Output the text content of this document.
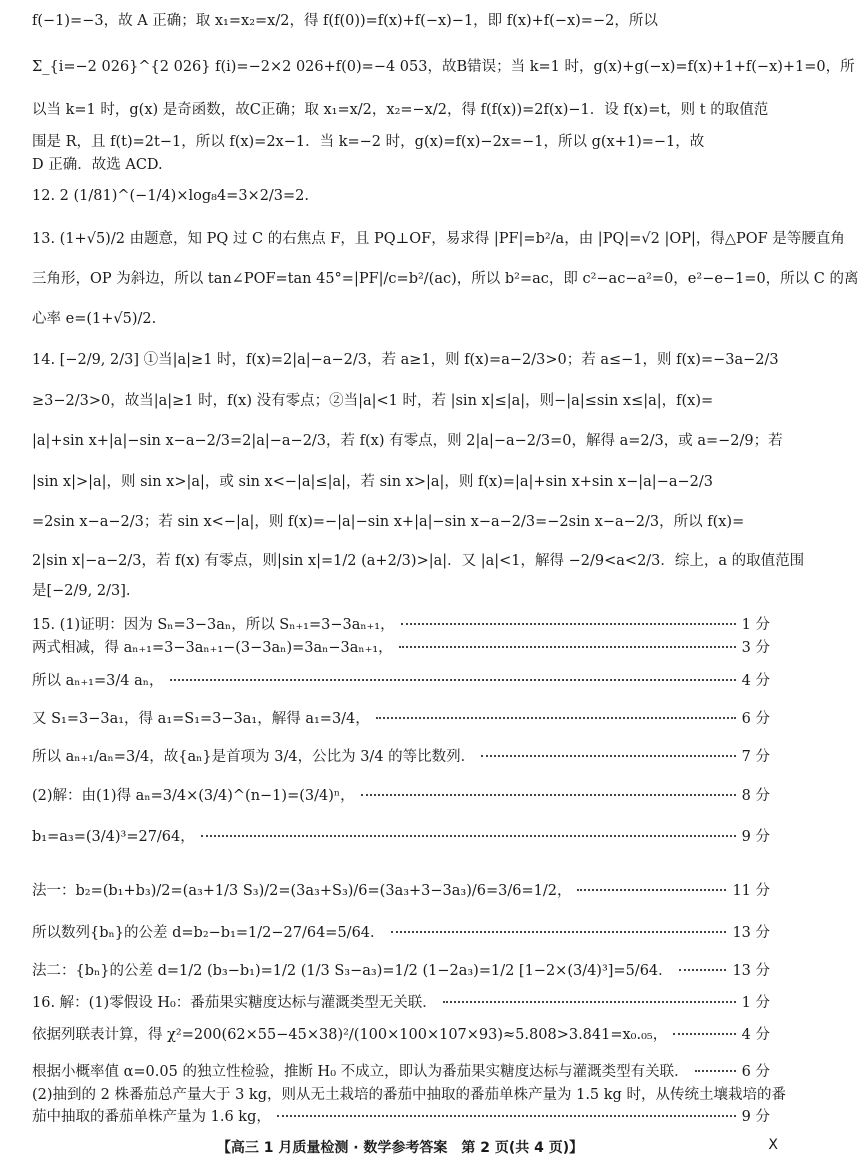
f(−1)=−3，故 A 正确；取 x₁=x₂=x/2，得 f(f(0))=f(x)+f(−x)−1，即 f(x)+f(−x)=−2，所以
Σ_{i=−2 026}^{2 026} f(i)=−2×2 026+f(0)=−4 053，故B错误；当 k=1 时，g(x)+g(−x)=f(x)+1+f(−x)+1=0，所
以当 k=1 时，g(x) 是奇函数，故C正确；取 x₁=x/2，x₂=−x/2，得 f(f(x))=2f(x)−1．设 f(x)=t，则 t 的取值范
围是 R，且 f(t)=2t−1，所以 f(x)=2x−1．当 k=−2 时，g(x)=f(x)−2x=−1，所以 g(x+1)=−1，故
D 正确．故选 ACD.
12. 2 (1/81)^(−1/4)×log₈4=3×2/3=2.
13. (1+√5)/2 由题意，知 PQ 过 C 的右焦点 F，且 PQ⊥OF，易求得 |PF|=b²/a，由 |PQ|=√2 |OP|，得△POF 是等腰直角
三角形，OP 为斜边，所以 tan∠POF=tan 45°=|PF|/c=b²/(ac)，所以 b²=ac，即 c²−ac−a²=0，e²−e−1=0，所以 C 的离
心率 e=(1+√5)/2.
14. [−2/9, 2/3] ①当|a|≥1 时，f(x)=2|a|−a−2/3，若 a≥1，则 f(x)=a−2/3>0；若 a≤−1，则 f(x)=−3a−2/3
≥3−2/3>0，故当|a|≥1 时，f(x) 没有零点；②当|a|<1 时，若 |sin x|≤|a|，则−|a|≤sin x≤|a|，f(x)=
|a|+sin x+|a|−sin x−a−2/3=2|a|−a−2/3，若 f(x) 有零点，则 2|a|−a−2/3=0，解得 a=2/3，或 a=−2/9；若
|sin x|>|a|，则 sin x>|a|，或 sin x<−|a|≤|a|，若 sin x>|a|，则 f(x)=|a|+sin x+sin x−|a|−a−2/3
=2sin x−a−2/3；若 sin x<−|a|，则 f(x)=−|a|−sin x+|a|−sin x−a−2/3=−2sin x−a−2/3，所以 f(x)=
2|sin x|−a−2/3，若 f(x) 有零点，则|sin x|=1/2 (a+2/3)>|a|．又 |a|<1，解得 −2/9<a<2/3．综上，a 的取值范围
是[−2/9, 2/3].
15. (1)证明：因为 Sₙ=3−3aₙ，所以 Sₙ₊₁=3−3aₙ₊₁，	1 分
两式相减，得 aₙ₊₁=3−3aₙ₊₁−(3−3aₙ)=3aₙ−3aₙ₊₁，	3 分
所以 aₙ₊₁=3/4 aₙ，	4 分
又 S₁=3−3a₁，得 a₁=S₁=3−3a₁，解得 a₁=3/4，	6 分
所以 aₙ₊₁/aₙ=3/4，故{aₙ}是首项为 3/4，公比为 3/4 的等比数列．	7 分
(2)解：由(1)得 aₙ=3/4×(3/4)^(n−1)=(3/4)ⁿ，	8 分
b₁=a₃=(3/4)³=27/64，	9 分
法一：b₂=(b₁+b₃)/2=(a₃+1/3 S₃)/2=(3a₃+S₃)/6=(3a₃+3−3a₃)/6=3/6=1/2，	11 分
所以数列{bₙ}的公差 d=b₂−b₁=1/2−27/64=5/64．	13 分
法二：{bₙ}的公差 d=1/2 (b₃−b₁)=1/2 (1/3 S₃−a₃)=1/2 (1−2a₃)=1/2 [1−2×(3/4)³]=5/64．	13 分
16. 解：(1)零假设 H₀：番茄果实糖度达标与灌溉类型无关联．	1 分
依据列联表计算，得 χ²=200(62×55−45×38)²/(100×100×107×93)≈5.808>3.841=x₀.₀₅，	4 分
根据小概率值 α=0.05 的独立性检验，推断 H₀ 不成立，即认为番茄果实糖度达标与灌溉类型有关联．	6 分
(2)抽到的 2 株番茄总产量大于 3 kg，则从无土栽培的番茄中抽取的番茄单株产量为 1.5 kg 时，从传统土壤栽培的番
茄中抽取的番茄单株产量为 1.6 kg，	9 分
【高三 1 月质量检测 · 数学参考答案　第 2 页(共 4 页)】	X
